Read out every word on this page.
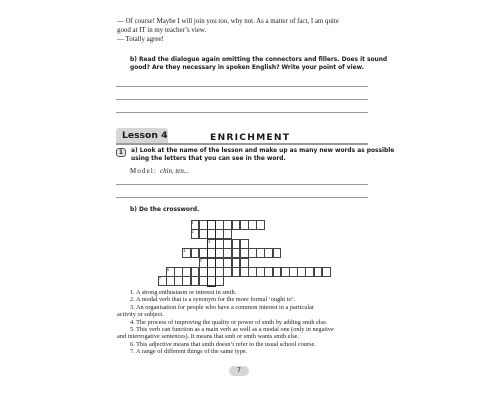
— Of course! Maybe I will join you too, why not. As a matter of fact, I am quite
good at IT in my teacher’s view.
— Totally agree!
b) Read the dialogue again omitting the connectors and fillers. Does it sound
good? Are they necessary in spoken English? Write your point of view.
Lesson 4	ENRICHMENT
1	a) Look at the name of the lesson and make up as many new words as possible
using the letters that you can see in the word.
Model: chin, ten...
b) Do the crossword.
1
2
3
4
5
6
7

1. A strong enthusiasm or interest in smth.

2. A modal verb that is a synonym for the more formal ‘ought to’.

3. An organisation for people who have a common interest in a particular

activity or subject.

4. The process of improving the quality or power of smth by adding smth else.

5. This verb can function as a main verb as well as a modal one (only in negative

and interrogative sentences). It means that smb or smth wants smth else.

6. This adjective means that smth doesn’t refer to the usual school course.

7. A range of different things of the same type.

7
